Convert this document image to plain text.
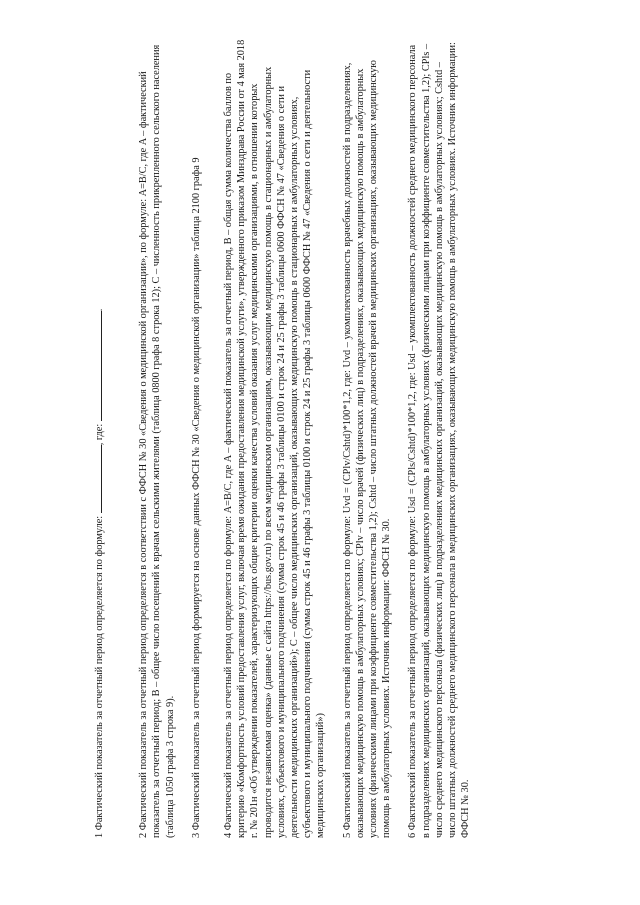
1 Фактический показатель за отчетный период определяется по формуле: , где: .	2 Фактический показатель за отчетный период определяется в соответствии с ФФСН № 30 «Сведения о медицинской организации», по формуле: A=B/C, где A – фактический показатель за отчетный период; B – общее число посещений к врачам сельскими жителями (таблица 0800 графа 8 строка 12); C – численность прикрепленного сельского населения (таблица 1050 графа 3 строка 9). 3 Фактический показатель за отчетный период формируется на основе данных ФФСН № 30 «Сведения о медицинской организации» таблица 2100 графа 9 4 Фактический показатель за отчетный период определяется по формуле: A=B/C, где A – фактический показатель за отчетный период, B – общая сумма количества баллов по критерию «Комфортность условий предоставления услуг, включая время ожидания предоставления медицинской услуги», утвержденного приказом Минздрава России от 4 мая 2018 г. № 201н «Об утверждении показателей, характеризующих общие критерии оценки качества условий оказания услуг медицинскими организациями, в отношении которых проводится независимая оценка» (данные с сайта https://bus.gov.ru) по всем медицинским организациям, оказывающим медицинскую помощь в стационарных и амбулаторных условиях, субъектового и муниципального подчинения (сумма строк 45 и 46 графы 3 таблицы 0100 и строк 24 и 25 графы 3 таблицы 0600 ФФСН № 47 «Сведения о сети и деятельности медицинских организаций»); C – общее число медицинских организаций, оказывающих медицинскую помощь в стационарных и амбулаторных условиях, субъектового и муниципального подчинения (сумма строк 45 и 46 графы 3 таблицы 0100 и строк 24 и 25 графы 3 таблицы 0600 ФФСН № 47 «Сведения о сети и деятельности медицинских организаций») 5 Фактический показатель за отчетный период определяется по формуле: Uvd = (CPlv/Cshtd)*100*1,2, где: Uvd – укомплектованность врачебных должностей в подразделениях, оказывающих медицинскую помощь в амбулаторных условиях; CPlv – число врачей (физических лиц) в подразделениях, оказывающих медицинскую помощь в амбулаторных условиях (физическими лицами при коэффициенте совместительства 1,2); Cshtd – число штатных должностей врачей в медицинских организациях, оказывающих медицинскую помощь в амбулаторных условиях. Источник информации: ФФСН № 30. 6 Фактический показатель за отчетный период определяется по формуле: Usd = (CPls/Cshtd)*100*1,2, где: Usd – укомплектованность должностей среднего медицинского персонала в подразделениях медицинских организаций, оказывающих медицинскую помощь в амбулаторных условиях (физическими лицами при коэффициенте совместительства 1,2); CPls – число среднего медицинского персонала (физических лиц) в подразделениях медицинских организаций, оказывающих медицинскую помощь в амбулаторных условиях; Cshtd – число штатных должностей среднего медицинского персонала в медицинских организациях, оказывающих медицинскую помощь в амбулаторных условиях. Источник информации: ФФСН № 30.
